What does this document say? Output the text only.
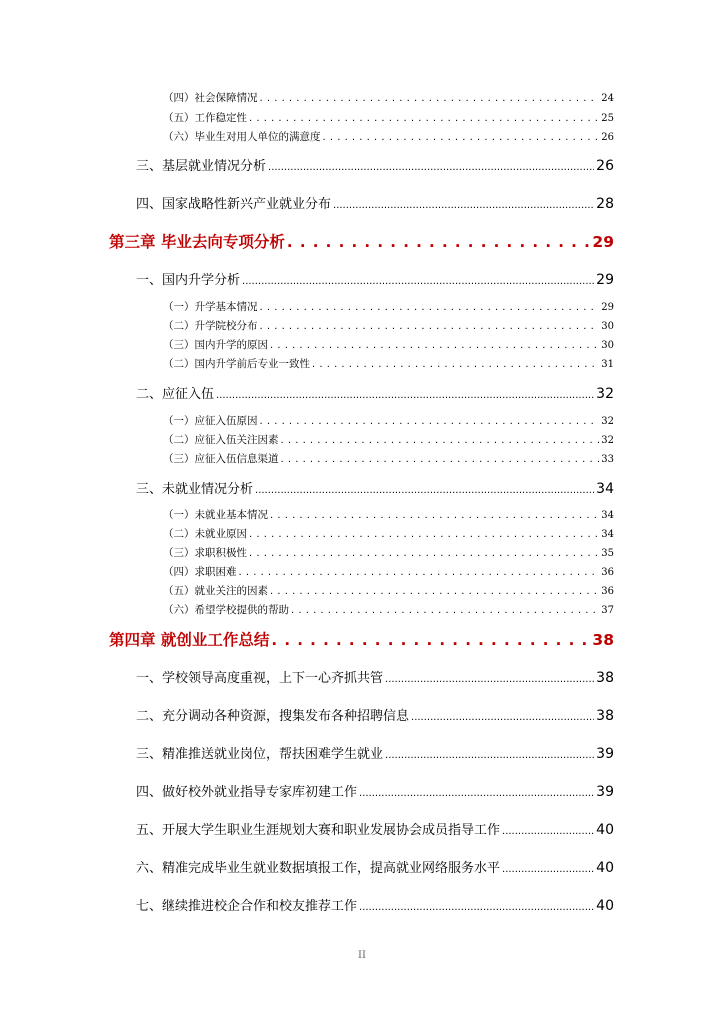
（四）社会保障情况 . . .	24
（五）工作稳定性 . . .	25
（六）毕业生对用人单位的满意度 . . .	26
三、基层就业情况分析 .....	26
四、国家战略性新兴产业就业分布 .....	28
第三章 毕业去向专项分析 . . .	29
一、国内升学分析 .....	29
（一）升学基本情况 . . .	29
（二）升学院校分布 . . .	30
（三）国内升学的原因 . . .	30
（二）国内升学前后专业一致性 . . .	31
二、应征入伍 .....	32
（一）应征入伍原因 . . .	32
（二）应征入伍关注因素 . . .	32
（三）应征入伍信息渠道 . . .	33
三、未就业情况分析 .....	34
（一）未就业基本情况 . . .	34
（二）未就业原因 . . .	34
（三）求职积极性 . . .	35
（四）求职困难 . . .	36
（五）就业关注的因素 . . .	36
（六）希望学校提供的帮助 . . .	37
第四章 就创业工作总结 . . .	38
一、学校领导高度重视，上下一心齐抓共管 .....	38
二、充分调动各种资源，搜集发布各种招聘信息 .....	38
三、精准推送就业岗位，帮扶困难学生就业 .....	39
四、做好校外就业指导专家库初建工作 .....	39
五、开展大学生职业生涯规划大赛和职业发展协会成员指导工作 .....	40
六、精准完成毕业生就业数据填报工作，提高就业网络服务水平 .....	40
七、继续推进校企合作和校友推荐工作 .....	40
II
